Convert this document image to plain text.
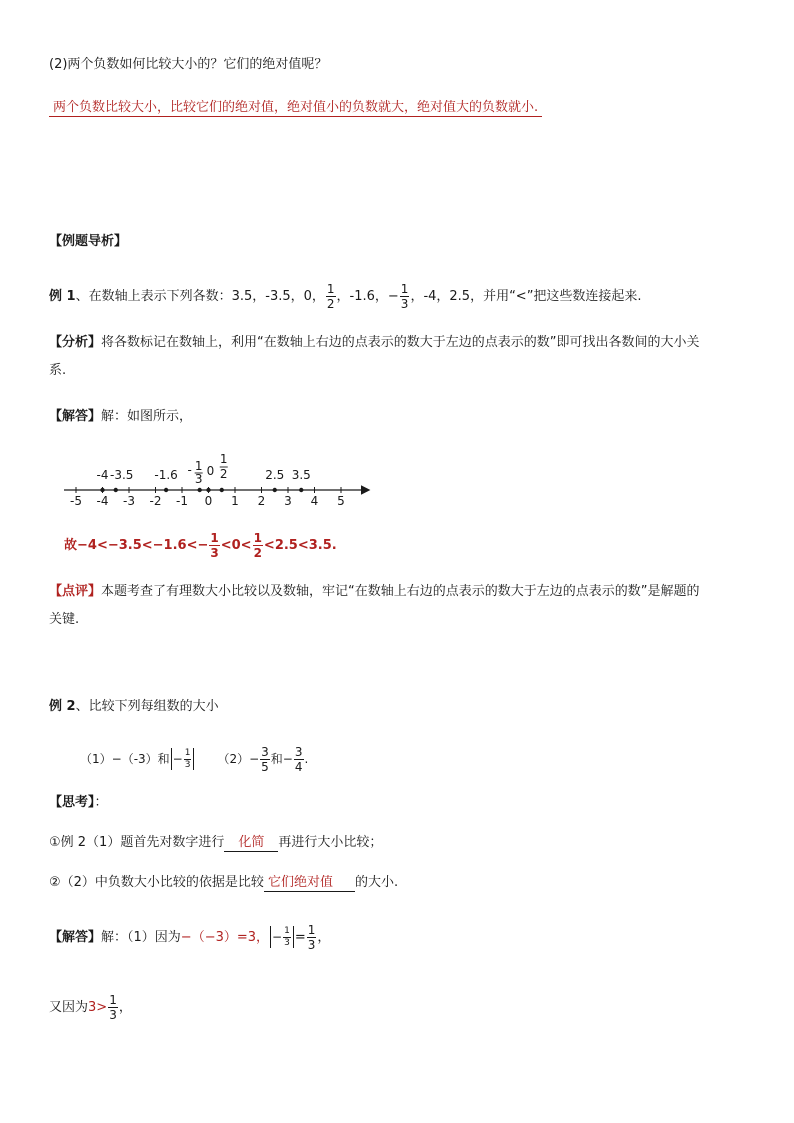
(2)两个负数如何比较大小的？它们的绝对值呢？
两个负数比较大小，比较它们的绝对值，绝对值小的负数就大，绝对值大的负数就小.
【例题导析】
例 1 、在数轴上表示下列各数：3.5，-3.5，0， $\frac{1}{2}$ ，-1.6，− $\frac{1}{3}$ ，-4，2.5，并用“<”把这些数连接起来.
【分析】将各数标记在数轴上，利用“在数轴上右边的点表示的数大于左边的点表示的数”即可找出各数间的大小关
系.
【解答】解：如图所示，
-5 -4 -3 -2 -1 0 1 2 3 4 5
-4 -3.5 -1.6	2.5 3.5
- 1
3
0
1
2
故$-4<-3.5<-1.6<- \frac{1}{3} <0< \frac{1}{2} <2.5<3.5$.
【点评】本题考查了有理数大小比较以及数轴，牢记“在数轴上右边的点表示的数大于左边的点表示的数”是解题的
关键.
例 2、比较下列每组数的大小
（1）−（-3）和 − $\frac{1}{3} (2)- \frac{3}{5}$ 和− $\frac{3}{4}$ .
【思考】：
①例 2（1）题首先对数字进行 化简 再进行大小比较；
②（2）中负数大小比较的依据是比较 它们绝对值 的大小.
【解答】 解：（1）因为 −（−3）=3， − $\frac{1}{3} = \frac{1}{3}$ ，
又因为 $3> \frac{1}{3}$ ，
